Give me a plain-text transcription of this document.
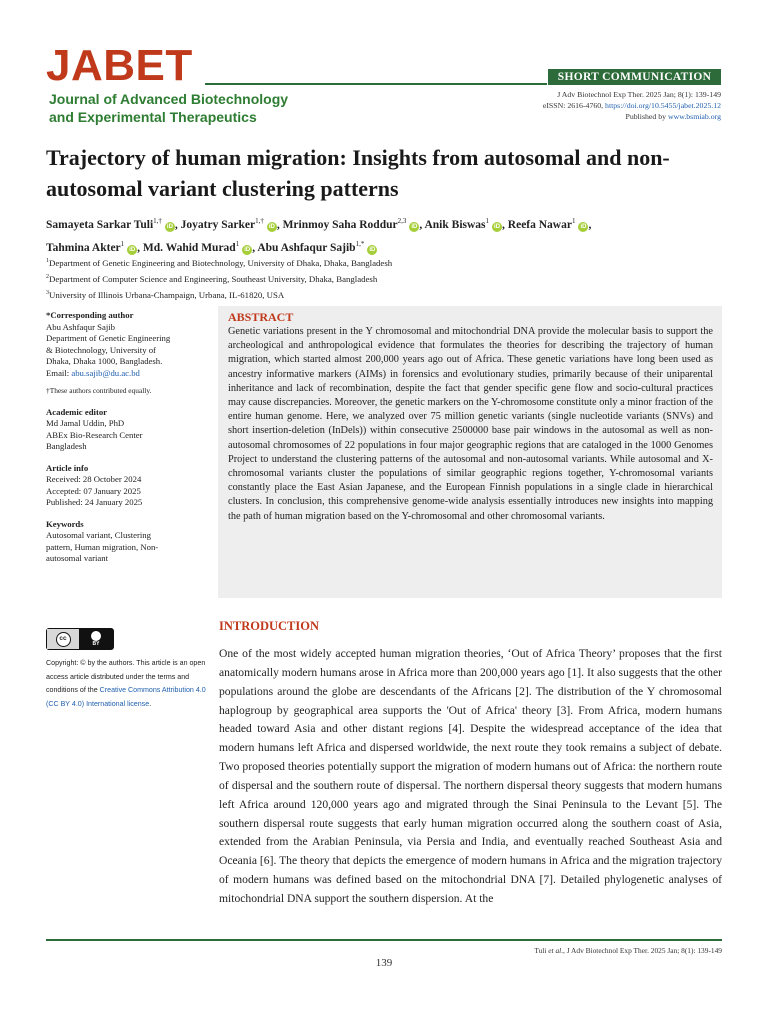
JABET
Journal of Advanced Biotechnology
and Experimental Therapeutics
SHORT COMMUNICATION
J Adv Biotechnol Exp Ther. 2025 Jan; 8(1): 139-149
eISSN: 2616-4760, https://doi.org/10.5455/jabet.2025.12
Published by www.bsmiab.org
Trajectory of human migration: Insights from autosomal and non-autosomal variant clustering patterns
Samayeta Sarkar Tuli$^{1,\dagger}$iD , Joyatry Sarker$^{1,\dagger}$iD , Mrinmoy Saha Roddur$^{2,3}$iD , Anik Biswas$^1$iD , Reefa Nawar$^1$iD ,
Tahmina Akter$^1$iD , Md. Wahid Murad$^1$iD , Abu Ashfaqur Sajib$^{1,*}$iD
$^1$Department of Genetic Engineering and Biotechnology, University of Dhaka, Dhaka, Bangladesh
$^2$Department of Computer Science and Engineering, Southeast University, Dhaka, Bangladesh
$^3$University of Illinois Urbana-Champaign, Urbana, IL-61820, USA
*Corresponding author
Abu Ashfaqur Sajib
Department of Genetic Engineering
& Biotechnology, University of
Dhaka, Dhaka 1000, Bangladesh.
Email: abu.sajib@du.ac.bd
†These authors contributed equally.
Academic editor
Md Jamal Uddin, PhD
ABEx Bio-Research Center
Bangladesh
Article info
Received: 28 October 2024
Accepted: 07 January 2025
Published: 24 January 2025
Keywords
Autosomal variant, Clustering
pattern, Human migration, Non-
autosomal variant
ABSTRACT

Genetic variations present in the Y chromosomal and mitochondrial DNA provide the molecular basis to support the archeological and anthropological evidence that formulates the theories for describing the trajectory of human migration, which started almost 200,000 years ago out of Africa. These genetic variations have long been used as ancestry informative markers (AIMs) in forensics and evolutionary studies, primarily because of their uniparental inheritance and lack of recombination, despite the fact that gender specific gene flow and socio-cultural practices may cause discrepancies. Moreover, the genetic markers on the Y-chromosome constitute only a minor fraction of the entire human genome. Here, we analyzed over 75 million genetic variants (single nucleotide variants (SNVs) and short insertion-deletion (InDels)) within consecutive 2500000 base pair windows in the autosomal as well as non-autosomal chromosomes of 22 populations in four major geographic regions that are cataloged in the 1000 Genomes Project to understand the clustering patterns of the autosomal and non-autosomal variants. While autosomal and X-chromosomal variants cluster the populations of similar geographic regions together, Y-chromosomal variants constantly place the East Asian Japanese, and the European Finnish populations in a single clade in hierarchical clusters. In conclusion, this comprehensive genome-wide analysis essentially introduces new insights into mapping the path of human migration based on the Y-chromosomal and other chromosomal variants.

cc
BY
Copyright: © by the authors. This article is an open access article distributed under the terms and conditions of the Creative Commons Attribution 4.0 (CC BY 4.0) International license.
INTRODUCTION

One of the most widely accepted human migration theories, ‘Out of Africa Theory’ proposes that the first anatomically modern humans arose in Africa more than 200,000 years ago [1]. It also suggests that the other populations around the globe are descendants of the Africans [2]. The distribution of the Y chromosomal haplogroup by geographical area supports the 'Out of Africa' theory [3]. From Africa, modern humans headed toward Asia and other distant regions [4]. Despite the widespread acceptance of the idea that modern humans left Africa and dispersed worldwide, the next route they took remains a subject of debate. Two proposed theories potentially support the migration of modern humans out of Africa: the northern route of dispersal and the southern route of dispersal. The northern dispersal theory suggests that modern humans left Africa around 120,000 years ago and migrated through the Sinai Peninsula to the Levant [5]. The southern dispersal route suggests that early human migration occurred along the southern coast of Asia, extended from the Arabian Peninsula, via Persia and India, and eventually reached Southeast Asia and Oceania [6]. The theory that depicts the emergence of modern humans in Africa and the migration trajectory of modern humans was defined based on the mitochondrial DNA [7]. Detailed phylogenetic analyses of mitochondrial DNA support the southern dispersion. At the

Tuli et al., J Adv Biotechnol Exp Ther. 2025 Jan; 8(1): 139-149
139
